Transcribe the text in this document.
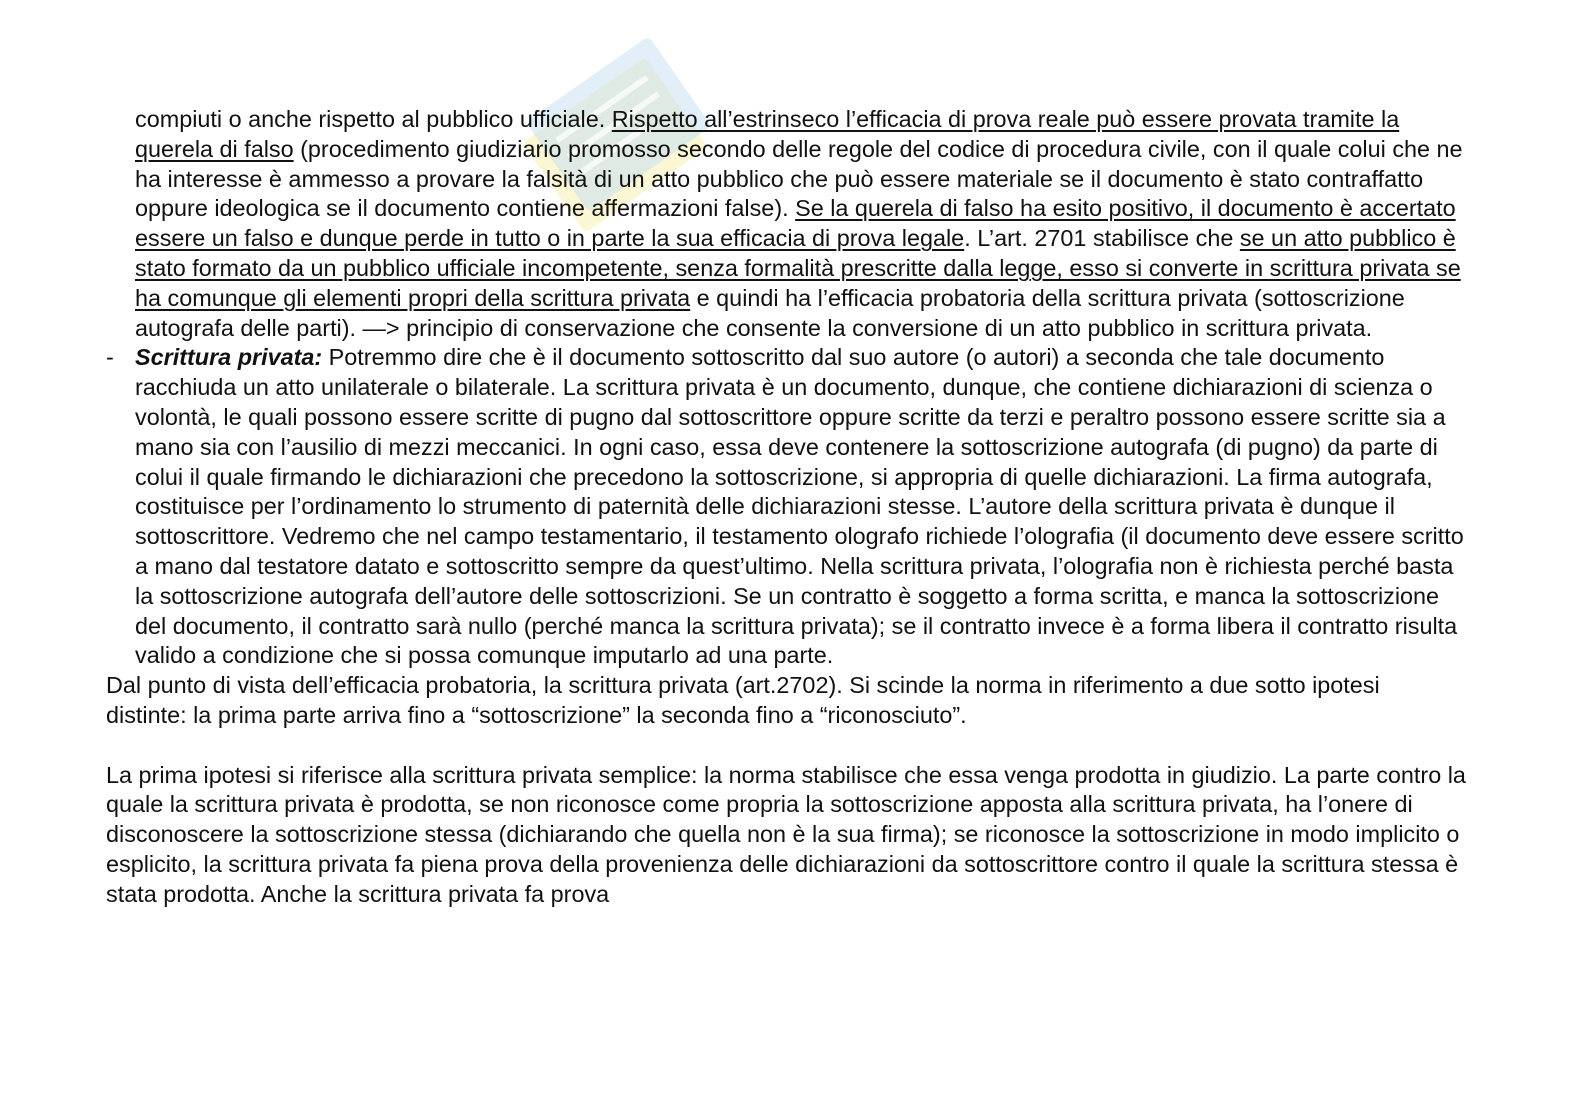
compiuti o anche rispetto al pubblico ufficiale. Rispetto all’estrinseco l’efficacia di prova reale può essere provata tramite la querela di falso (procedimento giudiziario promosso secondo delle regole del codice di procedura civile, con il quale colui che ne ha interesse è ammesso a provare la falsità di un atto pubblico che può essere materiale se il documento è stato contraffatto oppure ideologica se il documento contiene affermazioni false). Se la querela di falso ha esito positivo, il documento è accertato essere un falso e dunque perde in tutto o in parte la sua efficacia di prova legale. L’art. 2701 stabilisce che se un atto pubblico è stato formato da un pubblico ufficiale incompetente, senza formalità prescritte dalla legge, esso si converte in scrittura privata se ha comunque gli elementi propri della scrittura privata e quindi ha l’efficacia probatoria della scrittura privata (sottoscrizione autografa delle parti). —> principio di conservazione che consente la conversione di un atto pubblico in scrittura privata.

- Scrittura privata: Potremmo dire che è il documento sottoscritto dal suo autore (o autori) a seconda che tale documento racchiuda un atto unilaterale o bilaterale. La scrittura privata è un documento, dunque, che contiene dichiarazioni di scienza o volontà, le quali possono essere scritte di pugno dal sottoscrittore oppure scritte da terzi e peraltro possono essere scritte sia a mano sia con l’ausilio di mezzi meccanici. In ogni caso, essa deve contenere la sottoscrizione autografa (di pugno) da parte di colui il quale firmando le dichiarazioni che precedono la sottoscrizione, si appropria di quelle dichiarazioni. La firma autografa, costituisce per l’ordinamento lo strumento di paternità delle dichiarazioni stesse. L’autore della scrittura privata è dunque il sottoscrittore. Vedremo che nel campo testamentario, il testamento olografo richiede l’olografia (il documento deve essere scritto a mano dal testatore datato e sottoscritto sempre da quest’ultimo. Nella scrittura privata, l’olografia non è richiesta perché basta la sottoscrizione autografa dell’autore delle sottoscrizioni. Se un contratto è soggetto a forma scritta, e manca la sottoscrizione del documento, il contratto sarà nullo (perché manca la scrittura privata); se il contratto invece è a forma libera il contratto risulta valido a condizione che si possa comunque imputarlo ad una parte.

Dal punto di vista dell’efficacia probatoria, la scrittura privata (art.2702). Si scinde la norma in riferimento a due sotto ipotesi distinte: la prima parte arriva fino a “sottoscrizione” la seconda fino a “riconosciuto”.

La prima ipotesi si riferisce alla scrittura privata semplice: la norma stabilisce che essa venga prodotta in giudizio. La parte contro la quale la scrittura privata è prodotta, se non riconosce come propria la sottoscrizione apposta alla scrittura privata, ha l’onere di disconoscere la sottoscrizione stessa (dichiarando che quella non è la sua firma); se riconosce la sottoscrizione in modo implicito o esplicito, la scrittura privata fa piena prova della provenienza delle dichiarazioni da sottoscrittore contro il quale la scrittura stessa è stata prodotta. Anche la scrittura privata fa prova
